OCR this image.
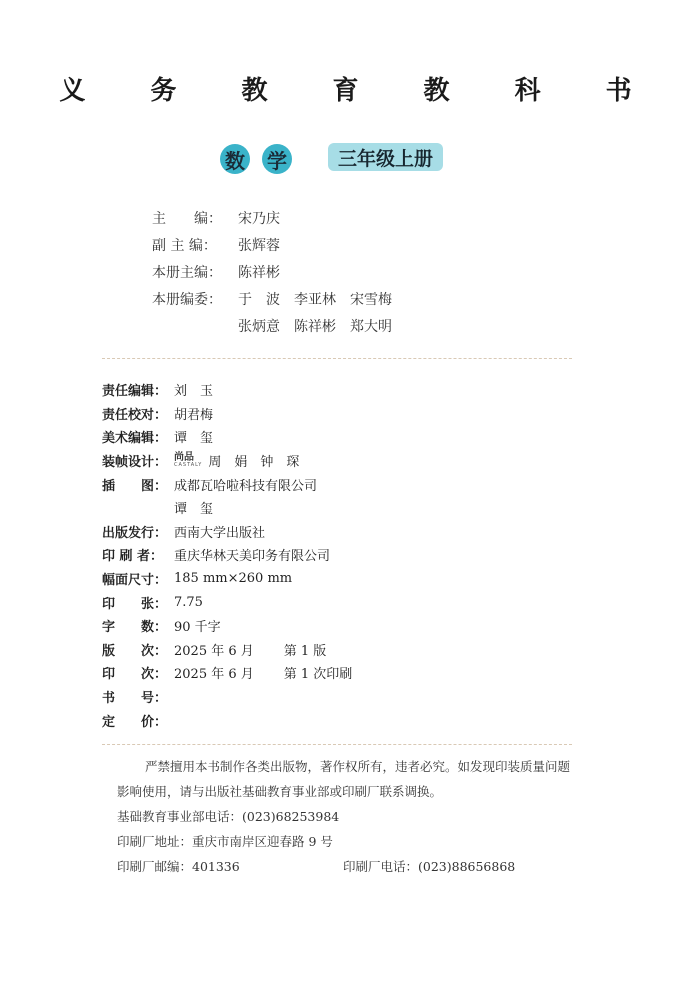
义 务 教 育 教 科 书
数 学	三年级上册
主　　编：	宋乃庆
副 主 编：	张辉蓉
本册主编：	陈祥彬
本册编委：	于　波 李亚林 宋雪梅
张炳意 陈祥彬 郑大明
责任编辑： 刘　玉
责任校对： 胡君梅
美术编辑： 谭　玺
装帧设计： 尚品
CASTALY 周　娟　钟　琛
插　　图： 成都瓦哈啦科技有限公司
谭　玺
出版发行： 西南大学出版社
印 刷 者： 重庆华林天美印务有限公司
幅面尺寸： 185 mm×260 mm
印　　张： 7.75
字　　数： 90 千字
版　　次： 2025 年 6 月 第 1 版
印　　次： 2025 年 6 月 第 1 次印刷
书　　号：
定　　价：

严禁擅用本书制作各类出版物，著作权所有，违者必究。如发现印装质量问题影响使用，请与出版社基础教育事业部或印刷厂联系调换。

基础教育事业部电话：(023)68253984
印刷厂地址：重庆市南岸区迎春路 9 号
印刷厂邮编：401336	印刷厂电话：(023)88656868
